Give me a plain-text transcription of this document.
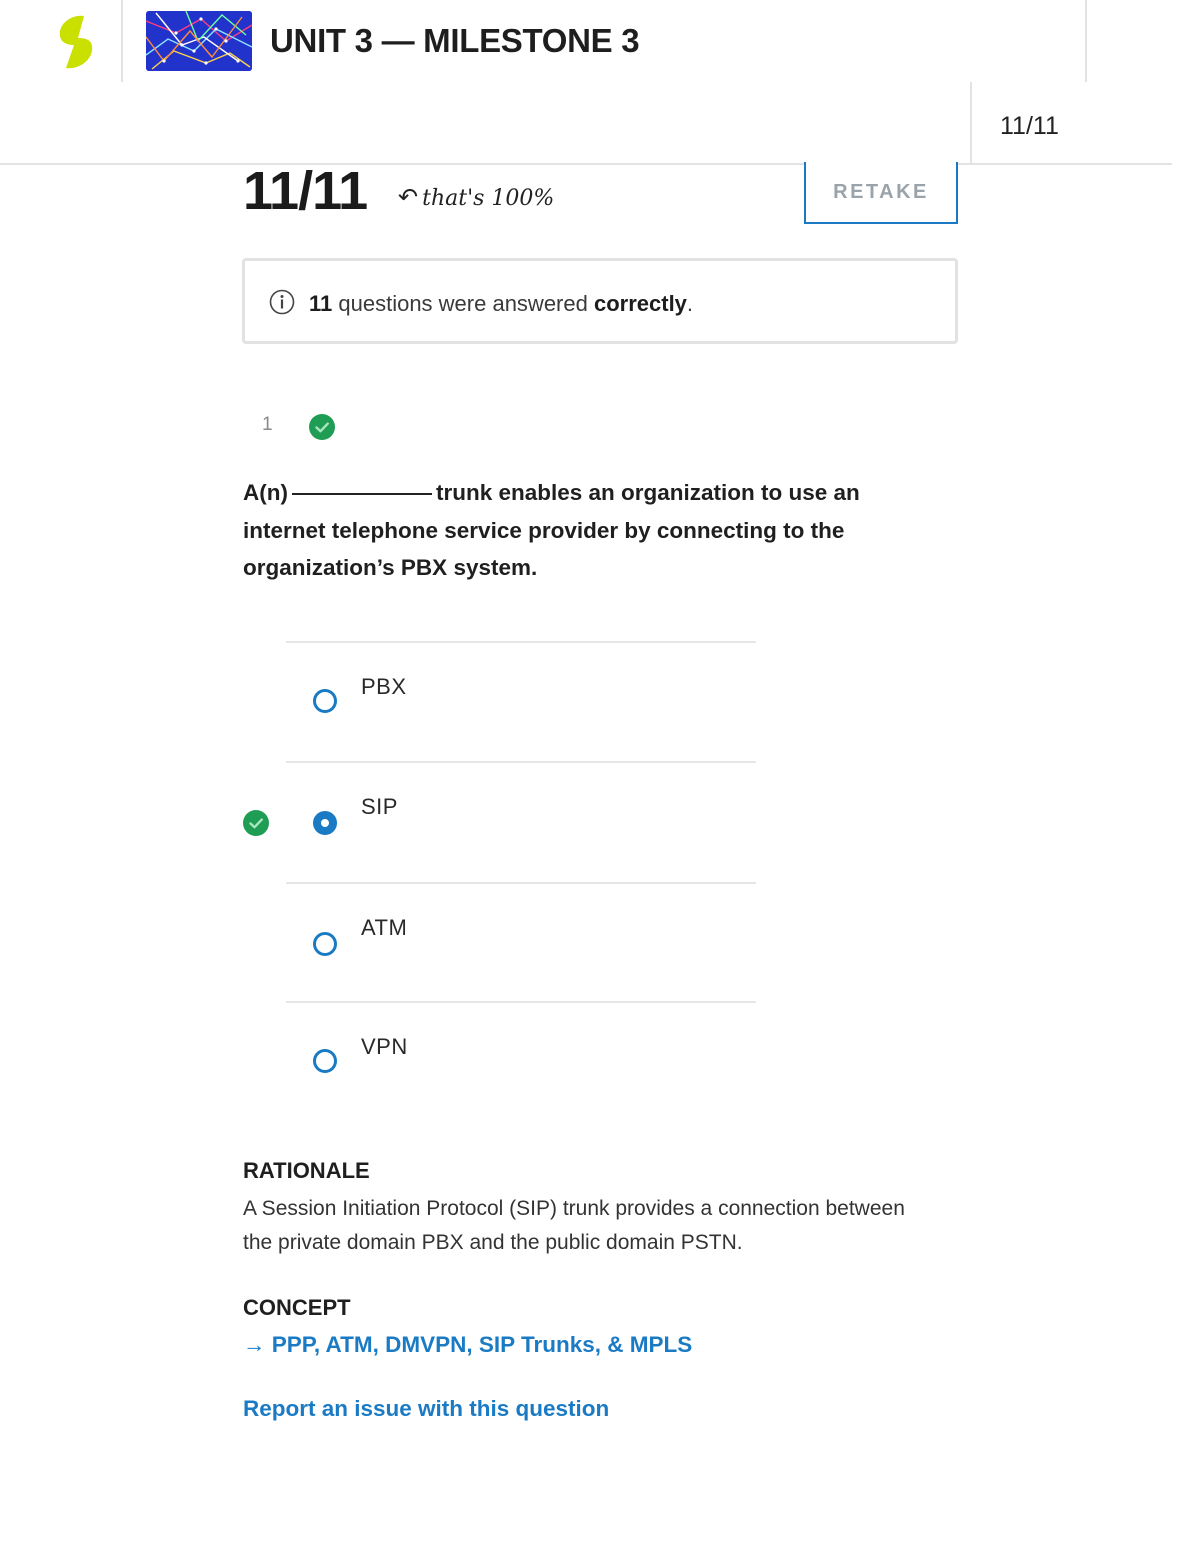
UNIT 3 — MILESTONE 3
11/11
11/11 ↶ that's 100%	RETAKE
11 questions were answered correctly.
1
A(n)	trunk enables an organization to use an internet telephone service provider by connecting to the organization’s PBX system.
PBX
SIP
ATM
VPN
RATIONALE
A Session Initiation Protocol (SIP) trunk provides a connection between the private domain PBX and the public domain PSTN.
CONCEPT
→ PPP, ATM, DMVPN, SIP Trunks, & MPLS
Report an issue with this question
